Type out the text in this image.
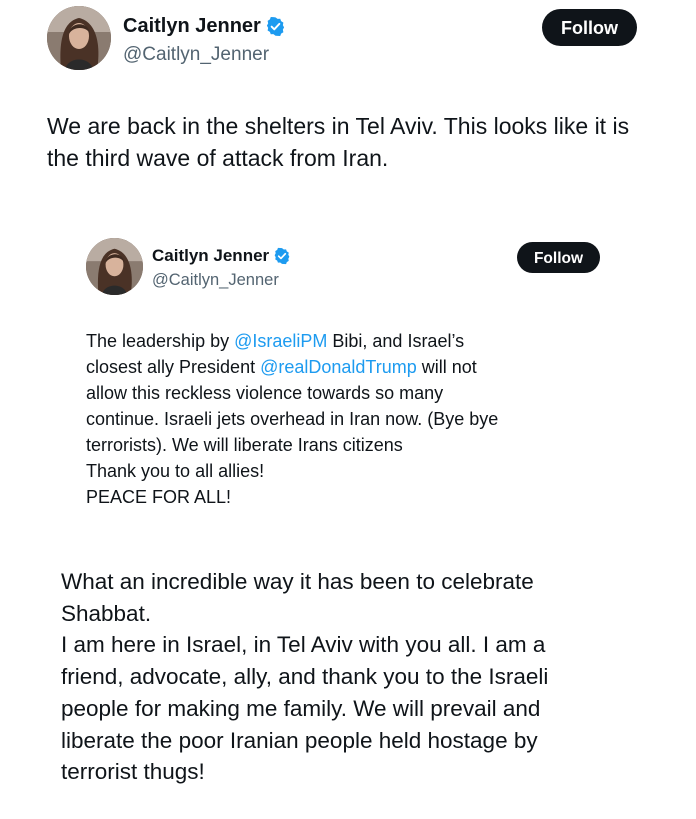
Caitlyn Jenner
@Caitlyn_Jenner
Follow

We are back in the shelters in Tel Aviv. This looks like it is the third wave of attack from Iran.

Caitlyn Jenner
@Caitlyn_Jenner
Follow
The leadership by @IsraeliPM Bibi, and Israel’s
closest ally President @realDonaldTrump will not
allow this reckless violence towards so many
continue. Israeli jets overhead in Iran now. (Bye bye
terrorists). We will liberate Irans citizens
Thank you to all allies!
PEACE FOR ALL!
What an incredible way it has been to celebrate
Shabbat.
I am here in Israel, in Tel Aviv with you all. I am a
friend, advocate, ally, and thank you to the Israeli
people for making me family. We will prevail and
liberate the poor Iranian people held hostage by
terrorist thugs!
